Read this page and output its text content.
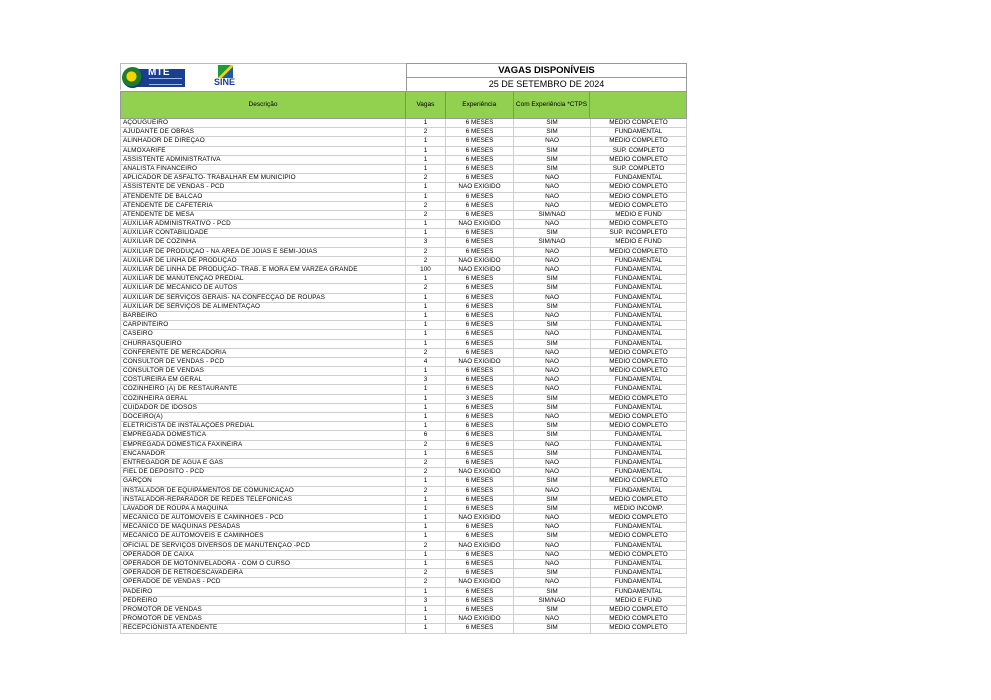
MTE
SINE
VAGAS DISPONÍVEIS
25 DE SETEMBRO DE 2024
Descrição	Vagas	Experiência	Com Experiência *CTPS
AÇOUGUEIRO	1	6 MESES	SIM	MÉDIO COMPLETO
AJUDANTE DE OBRAS	2	6 MESES	SIM	FUNDAMENTAL
ALINHADOR DE DIREÇÃO	1	6 MESES	NÃO	MÉDIO COMPLETO
ALMOXARIFE	1	6 MESES	SIM	SUP. COMPLETO
ASSISTENTE ADMINISTRATIVA	1	6 MESES	SIM	MÉDIO COMPLETO
ANALISTA FINANCEIRO	1	6 MESES	SIM	SUP. COMPLETO
APLICADOR DE ASFALTO- TRABALHAR EM MUNICÍPIO	2	6 MESES	NÃO	FUNDAMENTAL
ASSISTENTE DE VENDAS - PCD	1	NÃO EXIGIDO	NÃO	MÉDIO COMPLETO
ATENDENTE DE BALCÃO	1	6 MESES	NÃO	MÉDIO COMPLETO
ATENDENTE DE CAFETERIA	2	6 MESES	NÃO	MÉDIO COMPLETO
ATENDENTE DE MESA	2	6 MESES	SIM/NÃO	MÉDIO E FUND
AUXILIAR ADMINISTRATIVO - PCD	1	NÃO EXIGIDO	NÃO	MÉDIO COMPLETO
AUXILIAR CONTABILIDADE	1	6 MESES	SIM	SUP. INCOMPLETO
AUXILIAR DE COZINHA	3	6 MESES	SIM/NÃO	MÉDIO E FUND
AUXILIAR DE PRODUÇÃO - NA ÁREA DE JOIAS E SEMI-JOIAS	2	6 MESES	NÃO	MÉDIO COMPLETO
AUXILIAR DE LINHA DE PRODUÇÃO	2	NÃO EXIGIDO	NÃO	FUNDAMENTAL
AUXILIAR DE LINHA DE PRODUÇÃO- TRAB. E MORA EM VARZEA GRANDE	100	NÃO EXIGIDO	NÃO	FUNDAMENTAL
AUXILIAR DE MANUTENÇÃO PREDIAL	1	6 MESES	SIM	FUNDAMENTAL
AUXILIAR DE MECÂNICO DE AUTOS	2	6 MESES	SIM	FUNDAMENTAL
AUXILIAR DE SERVIÇOS GERAIS- NA CONFECÇÃO DE ROUPAS	1	6 MESES	NÃO	FUNDAMENTAL
AUXILIAR DE SERVIÇOS DE ALIMENTAÇÃO	1	6 MESES	SIM	FUNDAMENTAL
BARBEIRO	1	6 MESES	NÃO	FUNDAMENTAL
CARPINTEIRO	1	6 MESES	SIM	FUNDAMENTAL
CASEIRO	1	6 MESES	NÃO	FUNDAMENTAL
CHURRASQUEIRO	1	6 MESES	SIM	FUNDAMENTAL
CONFERENTE DE MERCADORIA	2	6 MESES	NÃO	MÉDIO COMPLETO
CONSULTOR DE VENDAS - PCD	4	NÃO EXIGIDO	NÃO	MÉDIO COMPLETO
CONSULTOR DE VENDAS	1	6 MESES	NÃO	MÉDIO COMPLETO
COSTUREIRA EM GERAL	3	6 MESES	NÃO	FUNDAMENTAL
COZINHEIRO (A) DE RESTAURANTE	1	6 MESES	NÃO	FUNDAMENTAL
COZINHEIRA GERAL	1	3 MESES	SIM	MÉDIO COMPLETO
CUIDADOR DE IDOSOS	1	6 MESES	SIM	FUNDAMENTAL
DOCEIRO(A)	1	6 MESES	NÃO	MÉDIO COMPLETO
ELETRICISTA DE INSTALAÇÕES PREDIAL	1	6 MESES	SIM	MÉDIO COMPLETO
EMPREGADA DOMÉSTICA	6	6 MESES	SIM	FUNDAMENTAL
EMPREGADA DOMÉSTICA FAXINEIRA	2	6 MESES	NÃO	FUNDAMENTAL
ENCANADOR	1	6 MESES	SIM	FUNDAMENTAL
ENTREGADOR DE ÁGUA E GÁS	2	6 MESES	NÃO	FUNDAMENTAL
FIEL DE DEPÓSITO - PCD	2	NÃO EXIGIDO	NÃO	FUNDAMENTAL
GARÇON	1	6 MESES	SIM	MÉDIO COMPLETO
INSTALADOR DE EQUIPAMENTOS DE COMUNICAÇÃO	2	6 MESES	NÃO	FUNDAMENTAL
INSTALADOR-REPARADOR DE REDES TELEFÔNICAS	1	6 MESES	SIM	MÉDIO COMPLETO
LAVADOR DE ROUPA A MAQUINA	1	6 MESES	SIM	MÉDIO INCOMP.
MECÂNICO DE AUTOMÓVEIS E CAMINHÕES - PCD	1	NÃO EXIGIDO	NÃO	MÉDIO COMPLETO
MECÂNICO DE MÁQUINAS PESADAS	1	6 MESES	NÃO	FUNDAMENTAL
MECÂNICO DE AUTOMÓVEIS E CAMINHÕES	1	6 MESES	SIM	MÉDIO COMPLETO
OFICIAL DE SERVIÇOS DIVERSOS DE MANUTENÇÃO -PCD	2	NÃO EXIGIDO	NÃO	FUNDAMENTAL
OPERADOR DE CAIXA	1	6 MESES	NÃO	MÉDIO COMPLETO
OPERADOR DE MOTONIVELADORA - COM O CURSO	1	6 MESES	NÃO	FUNDAMENTAL
OPERADOR DE RETROESCAVADEIRA	2	6 MESES	SIM	FUNDAMENTAL
OPERADOE DE VENDAS - PCD	2	NÃO EXIGIDO	NÃO	FUNDAMENTAL
PADEIRO	1	6 MESES	SIM	FUNDAMENTAL
PEDREIRO	3	6 MESES	SIM/NÃO	MÉDIO E FUND
PROMOTOR DE VENDAS	1	6 MESES	SIM	MÉDIO COMPLETO
PROMOTOR DE VENDAS	1	NÃO EXIGIDO	NÃO	MÉDIO COMPLETO
RECEPCIONISTA ATENDENTE	1	6 MESES	SIM	MÉDIO COMPLETO
